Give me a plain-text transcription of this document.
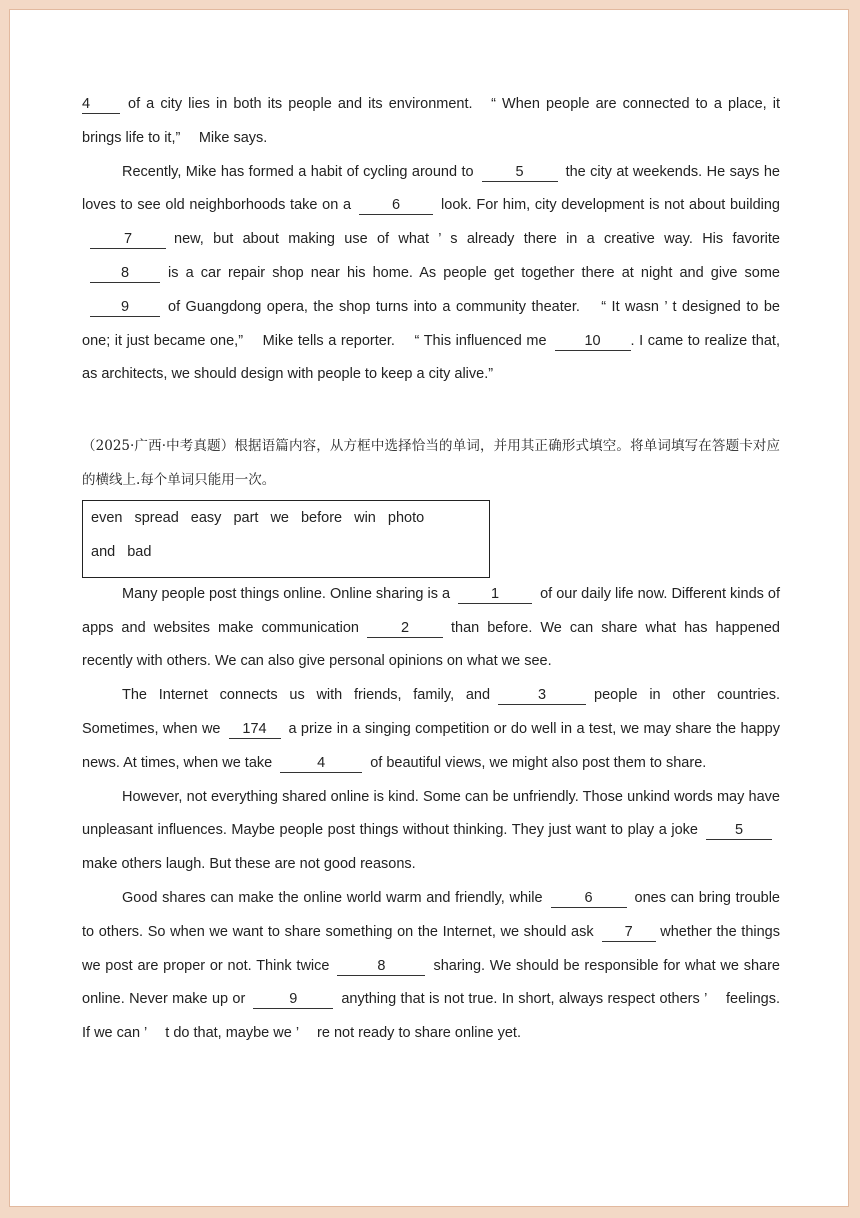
4	of a city lies in both its people and its environment.　“ When people are connected to a place, it brings life to it,” 　Mike says.

Recently, Mike has formed a habit of cycling around to	5	the city at weekends. He says he loves to see old neighborhoods take on a	6	look. For him, city development is not about building7	new, but about making use of what ’ s already there in a creative way. His favorite8	is a car repair shop near his home. As people get together there at night and give some9	of Guangdong opera, the shop turns into a community theater. 　“ It wasn ’ t designed to be one; it just became one,” 　Mike tells a reporter. 　“ This influenced me	10 . I came to realize that, as architects, we should design with people to keep a city alive.”

（2025·广西·中考真题）根据语篇内容，从方框中选择恰当的单词，并用其正确形式填空。将单词填写在答题卡对应的横线上.每个单词只能用一次。

even spread easy part we before win photo
and bad

Many people post things online. Online sharing is a	1	of our daily life now. Different kinds of apps and websites make communication	2	than before. We can share what has happened recently with others. We can also give personal opinions on what we see.

The Internet connects us with friends, family, and	3	people in other countries. Sometimes, when we 174 a prize in a singing competition or do well in a test, we may share the happy news. At times, when we take	4	of beautiful views, we might also post them to share.

However, not everything shared online is kind. Some can be unfriendly. Those unkind words may have unpleasant influences. Maybe people post things without thinking. They just want to play a joke	5make others laugh. But these are not good reasons.

Good shares can make the online world warm and friendly, while	6	ones can bring trouble to others. So when we want to share something on the Internet, we should ask 7 whether the things we post are proper or not. Think twice	8	sharing. We should be responsible for what we share online. Never make up or	9	anything that is not true. In short, always respect others ’ 　feelings. If we can ’ 　t do that, maybe we ’ 　re not ready to share online yet.
